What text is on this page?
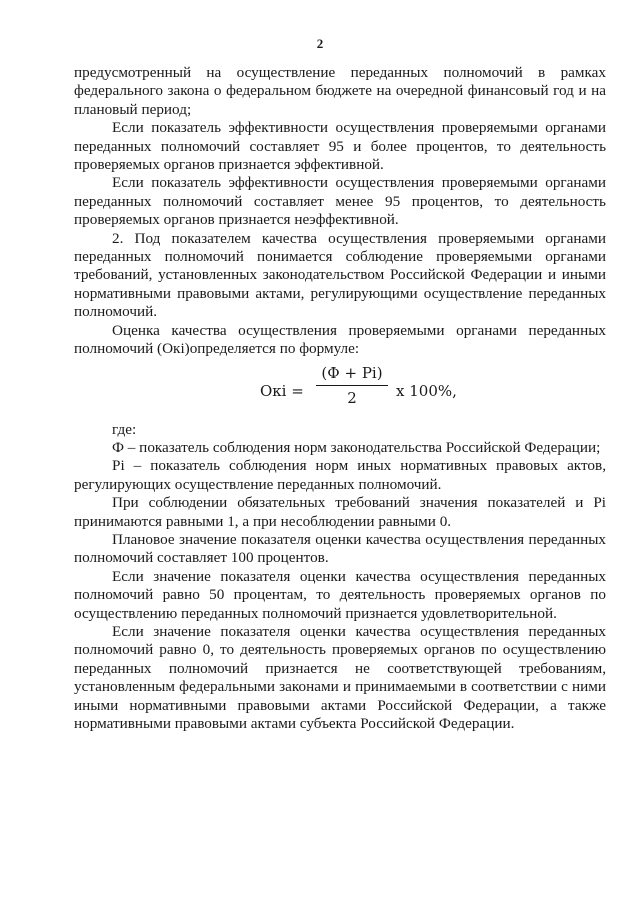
2

предусмотренный на осуществление переданных полномочий в рамках федерального закона о федеральном бюджете на очередной финансовый год и на плановый период;

Если показатель эффективности осуществления проверяемыми органами переданных полномочий составляет 95 и более процентов, то деятельность проверяемых органов признается эффективной.

Если показатель эффективности осуществления проверяемыми органами переданных полномочий составляет менее 95 процентов, то деятельность проверяемых органов признается неэффективной.

2. Под показателем качества осуществления проверяемыми органами переданных полномочий понимается соблюдение проверяемыми органами требований, установленных законодательством Российской Федерации и иными нормативными правовыми актами, регулирующими осуществление переданных полномочий.

Оценка качества осуществления проверяемыми органами переданных полномочий (Oкi)определяется по формуле:

Oкi =
(Ф + Pi)
2	x 100%,

где:

Ф – показатель соблюдения норм законодательства Российской Федерации;

Pi – показатель соблюдения норм иных нормативных правовых актов, регулирующих осуществление переданных полномочий.

При соблюдении обязательных требований значения показателей и Pi принимаются равными 1, а при несоблюдении равными 0.

Плановое значение показателя оценки качества осуществления переданных полномочий составляет 100 процентов.

Если значение показателя оценки качества осуществления переданных полномочий равно 50 процентам, то деятельность проверяемых органов по осуществлению переданных полномочий признается удовлетворительной.

Если значение показателя оценки качества осуществления переданных полномочий равно 0, то деятельность проверяемых органов по осуществлению переданных полномочий признается не соответствующей требованиям, установленным федеральными законами и принимаемыми в соответствии с ними иными нормативными правовыми актами Российской Федерации, а также нормативными правовыми актами субъекта Российской Федерации.
